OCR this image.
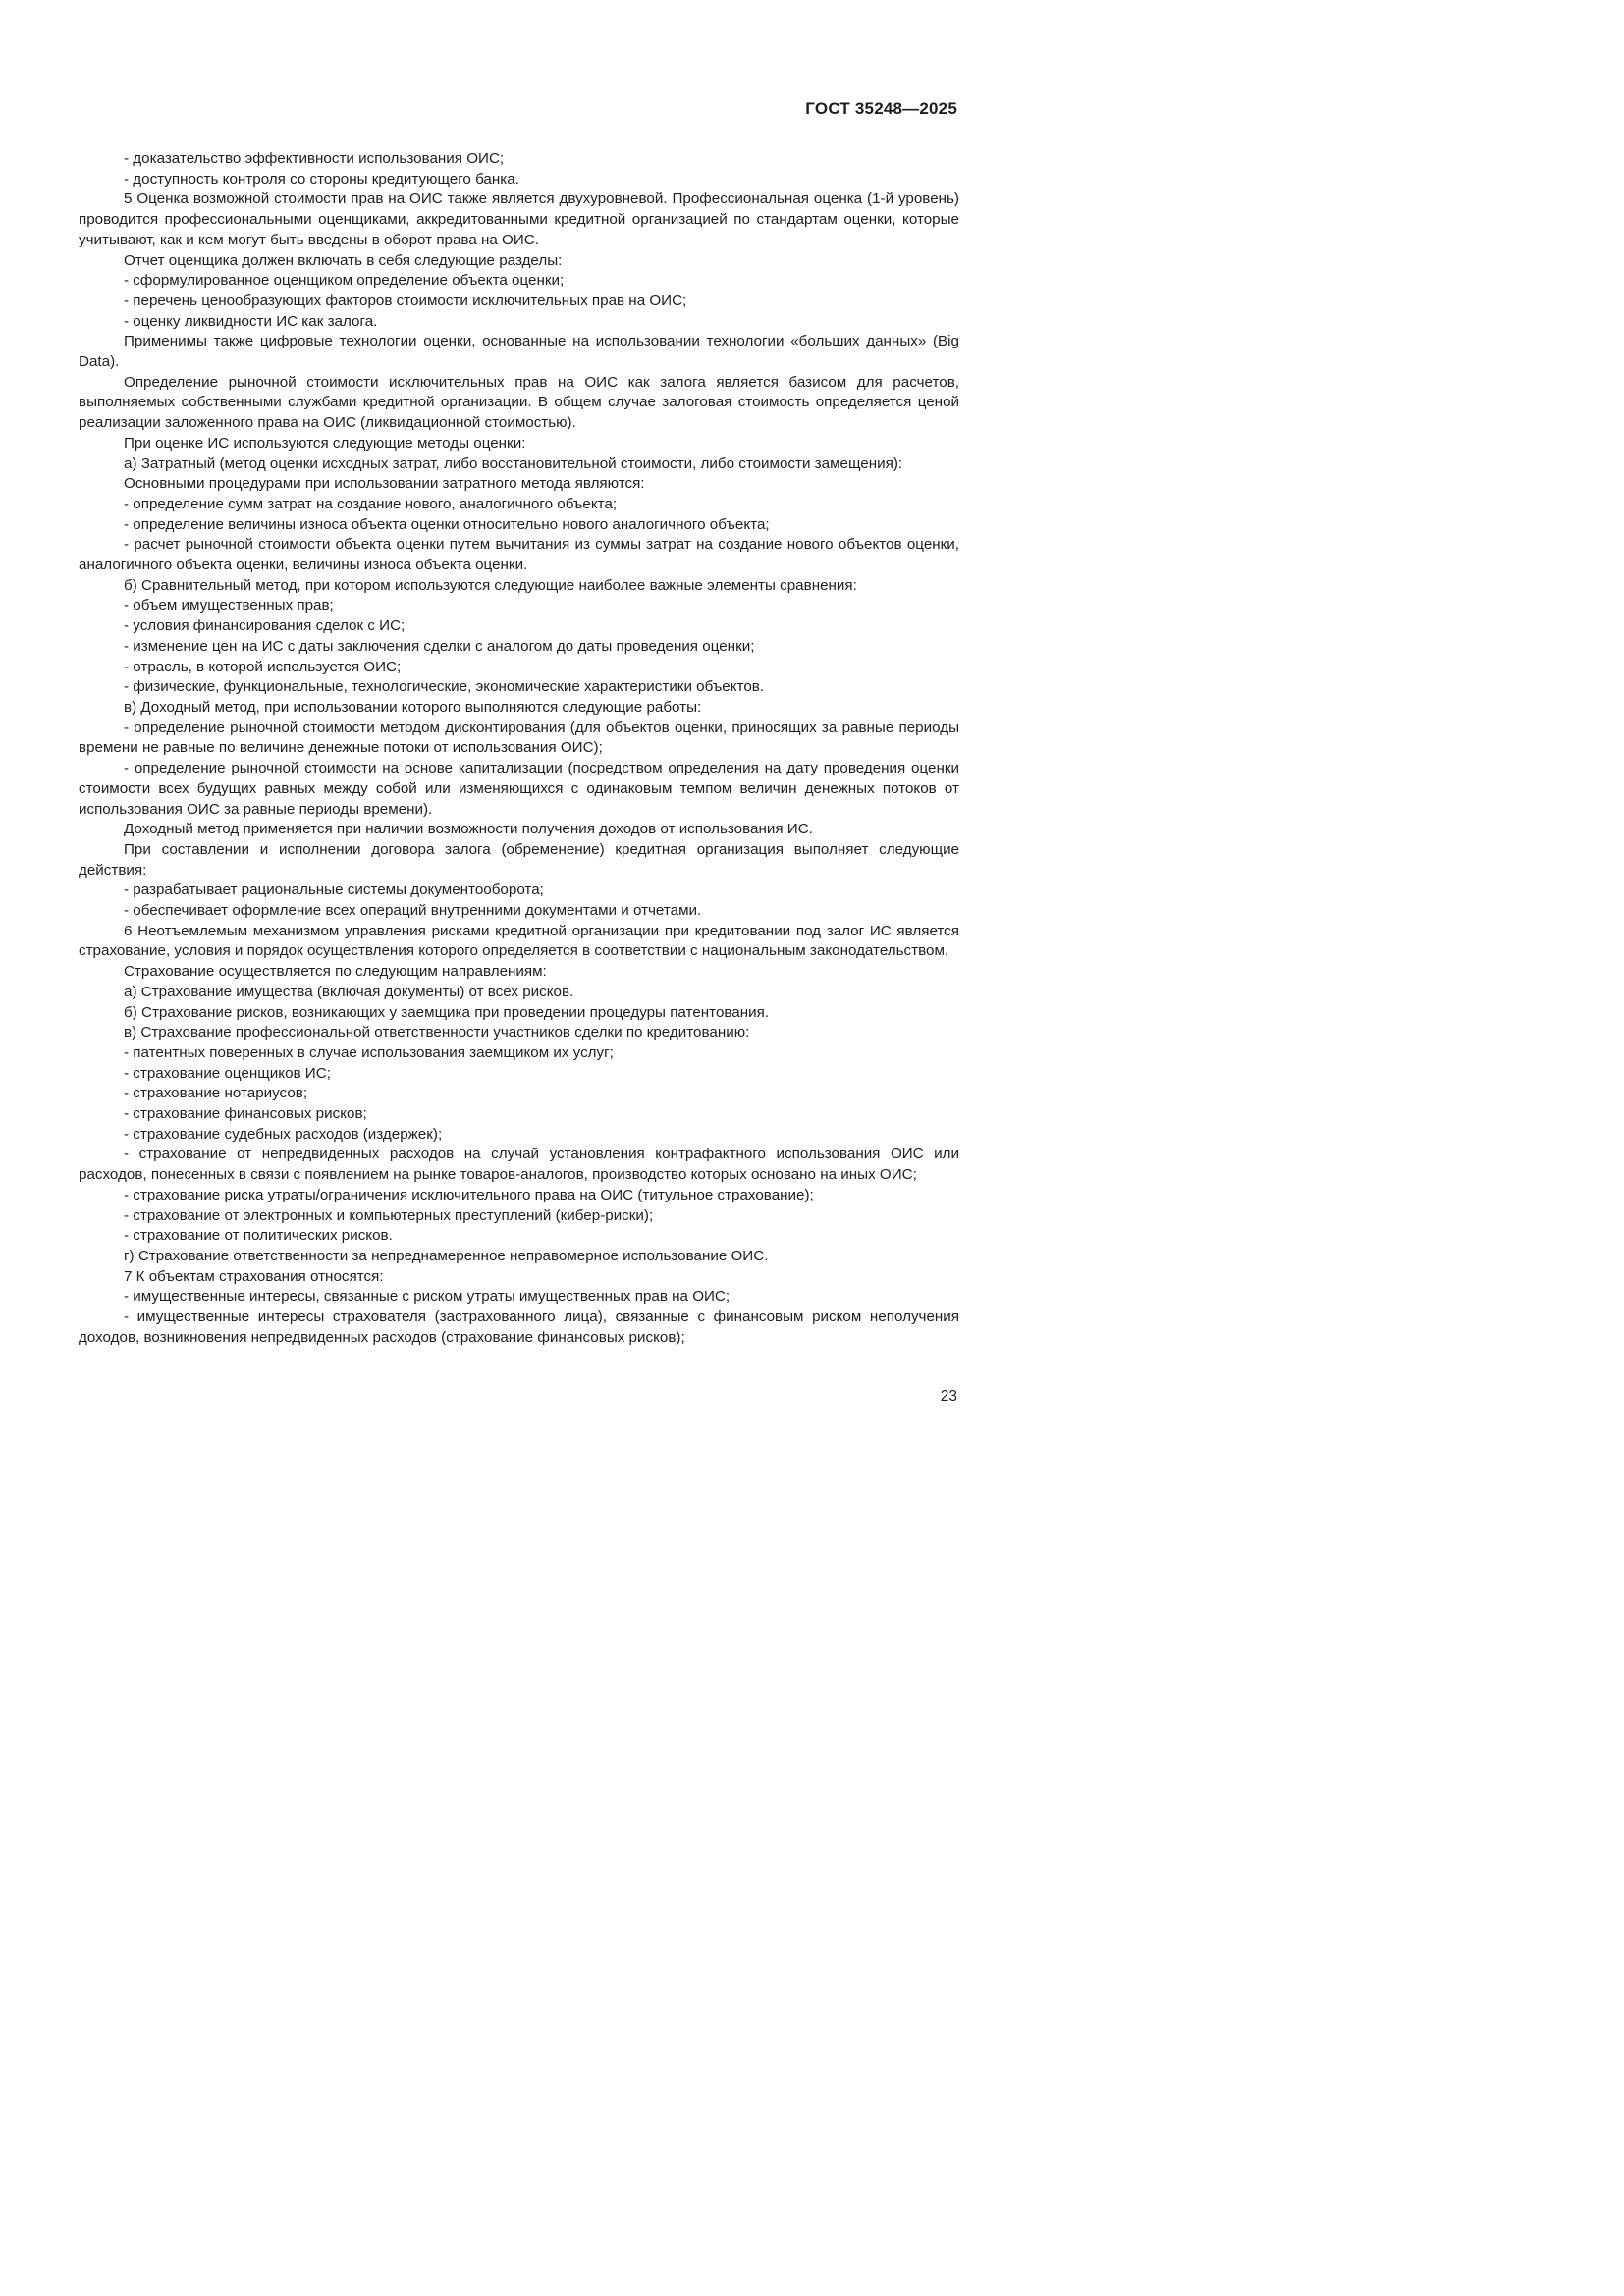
ГОСТ 35248—2025

- доказательство эффективности использования ОИС;

- доступность контроля со стороны кредитующего банка.

5 Оценка возможной стоимости прав на ОИС также является двухуровневой. Профессиональная оценка (1-й уровень) проводится профессиональными оценщиками, аккредитованными кредитной организацией по стандартам оценки, которые учитывают, как и кем могут быть введены в оборот права на ОИС.

Отчет оценщика должен включать в себя следующие разделы:

- сформулированное оценщиком определение объекта оценки;

- перечень ценообразующих факторов стоимости исключительных прав на ОИС;

- оценку ликвидности ИС как залога.

Применимы также цифровые технологии оценки, основанные на использовании технологии «больших данных» (Big Data).

Определение рыночной стоимости исключительных прав на ОИС как залога является базисом для расчетов, выполняемых собственными службами кредитной организации. В общем случае залоговая стоимость определяется ценой реализации заложенного права на ОИС (ликвидационной стоимостью).

При оценке ИС используются следующие методы оценки:

а) Затратный (метод оценки исходных затрат, либо восстановительной стоимости, либо стоимости замещения):

Основными процедурами при использовании затратного метода являются:

- определение сумм затрат на создание нового, аналогичного объекта;

- определение величины износа объекта оценки относительно нового аналогичного объекта;

- расчет рыночной стоимости объекта оценки путем вычитания из суммы затрат на создание нового объектов оценки, аналогичного объекта оценки, величины износа объекта оценки.

б) Сравнительный метод, при котором используются следующие наиболее важные элементы сравнения:

- объем имущественных прав;

- условия финансирования сделок с ИС;

- изменение цен на ИС с даты заключения сделки с аналогом до даты проведения оценки;

- отрасль, в которой используется ОИС;

- физические, функциональные, технологические, экономические характеристики объектов.

в) Доходный метод, при использовании которого выполняются следующие работы:

- определение рыночной стоимости методом дисконтирования (для объектов оценки, приносящих за равные периоды времени не равные по величине денежные потоки от использования ОИС);

- определение рыночной стоимости на основе капитализации (посредством определения на дату проведения оценки стоимости всех будущих равных между собой или изменяющихся с одинаковым темпом величин денежных потоков от использования ОИС за равные периоды времени).

Доходный метод применяется при наличии возможности получения доходов от использования ИС.

При составлении и исполнении договора залога (обременение) кредитная организация выполняет следующие действия:

- разрабатывает рациональные системы документооборота;

- обеспечивает оформление всех операций внутренними документами и отчетами.

6 Неотъемлемым механизмом управления рисками кредитной организации при кредитовании под залог ИС является страхование, условия и порядок осуществления которого определяется в соответствии с национальным законодательством.

Страхование осуществляется по следующим направлениям:

а) Страхование имущества (включая документы) от всех рисков.

б) Страхование рисков, возникающих у заемщика при проведении процедуры патентования.

в) Страхование профессиональной ответственности участников сделки по кредитованию:

- патентных поверенных в случае использования заемщиком их услуг;

- страхование оценщиков ИС;

- страхование нотариусов;

- страхование финансовых рисков;

- страхование судебных расходов (издержек);

- страхование от непредвиденных расходов на случай установления контрафактного использования ОИС или расходов, понесенных в связи с появлением на рынке товаров-аналогов, производство которых основано на иных ОИС;

- страхование риска утраты/ограничения исключительного права на ОИС (титульное страхование);

- страхование от электронных и компьютерных преступлений (кибер-риски);

- страхование от политических рисков.

г) Страхование ответственности за непреднамеренное неправомерное использование ОИС.

7 К объектам страхования относятся:

- имущественные интересы, связанные с риском утраты имущественных прав на ОИС;

- имущественные интересы страхователя (застрахованного лица), связанные с финансовым риском неполучения доходов, возникновения непредвиденных расходов (страхование финансовых рисков);

23
